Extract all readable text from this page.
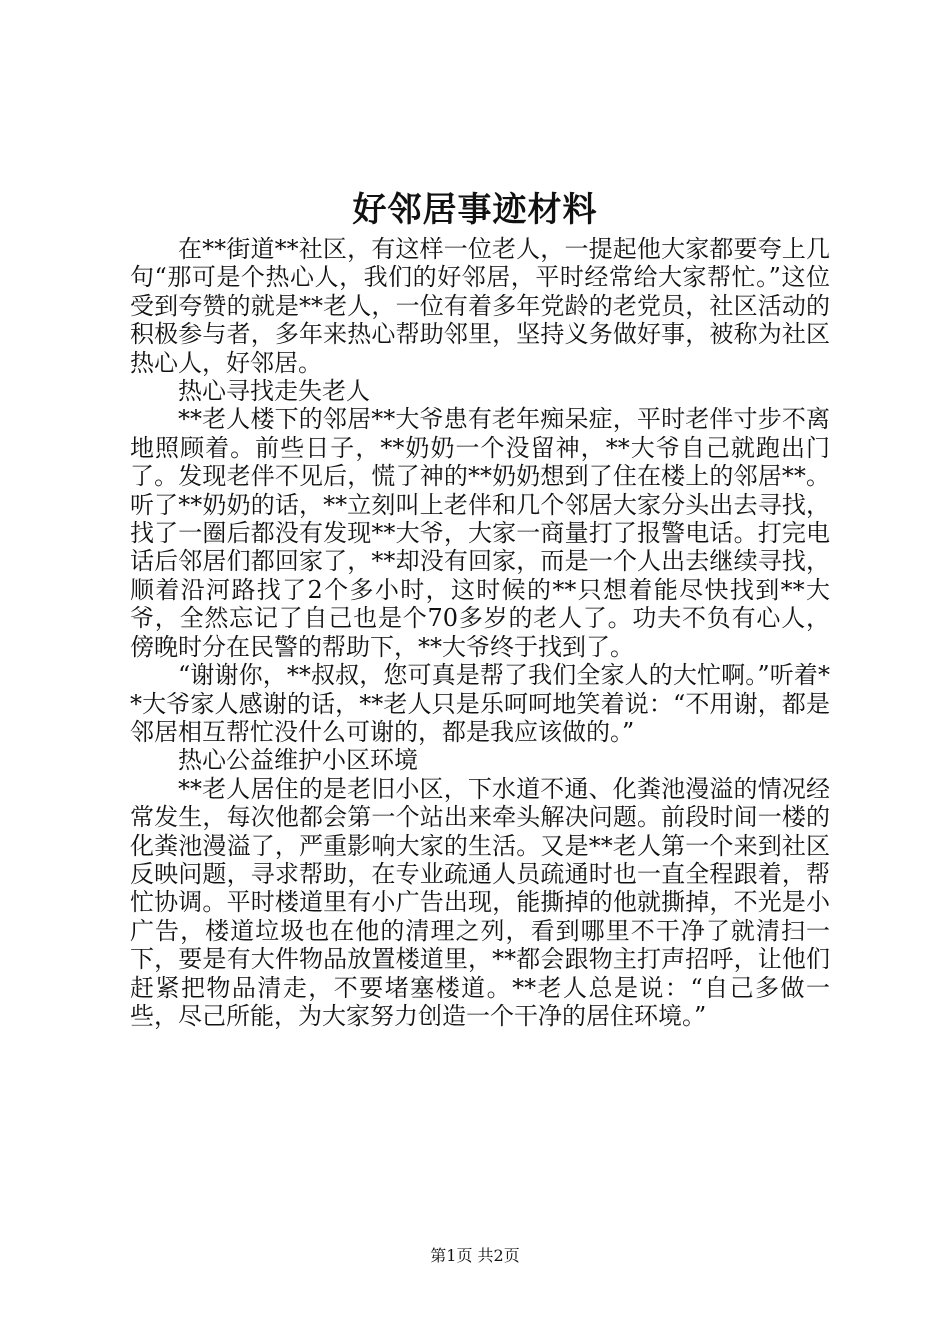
好邻居事迹材料

在**街道**社区，有这样一位老人，一提起他大家都要夸上几句“那可是个热心人，我们的好邻居，平时经常给大家帮忙。”这位受到夸赞的就是**老人，一位有着多年党龄的老党员，社区活动的积极参与者，多年来热心帮助邻里，坚持义务做好事，被称为社区热心人，好邻居。

热心寻找走失老人

**老人楼下的邻居**大爷患有老年痴呆症，平时老伴寸步不离地照顾着。前些日子，**奶奶一个没留神，**大爷自己就跑出门了。发现老伴不见后，慌了神的**奶奶想到了住在楼上的邻居**。听了**奶奶的话，**立刻叫上老伴和几个邻居大家分头出去寻找，找了一圈后都没有发现**大爷，大家一商量打了报警电话。打完电话后邻居们都回家了，**却没有回家，而是一个人出去继续寻找，顺着沿河路找了2个多小时，这时候的**只想着能尽快找到**大爷，全然忘记了自己也是个70多岁的老人了。功夫不负有心人，傍晚时分在民警的帮助下，**大爷终于找到了。

“谢谢你，**叔叔，您可真是帮了我们全家人的大忙啊。”听着**大爷家人感谢的话，**老人只是乐呵呵地笑着说：“不用谢，都是邻居相互帮忙没什么可谢的，都是我应该做的。”

热心公益维护小区环境

**老人居住的是老旧小区，下水道不通、化粪池漫溢的情况经常发生，每次他都会第一个站出来牵头解决问题。前段时间一楼的化粪池漫溢了，严重影响大家的生活。又是**老人第一个来到社区反映问题，寻求帮助，在专业疏通人员疏通时也一直全程跟着，帮忙协调。平时楼道里有小广告出现，能撕掉的他就撕掉，不光是小广告，楼道垃圾也在他的清理之列，看到哪里不干净了就清扫一下，要是有大件物品放置楼道里，**都会跟物主打声招呼，让他们赶紧把物品清走，不要堵塞楼道。**老人总是说：“自己多做一些，尽己所能，为大家努力创造一个干净的居住环境。”

第1页 共2页
